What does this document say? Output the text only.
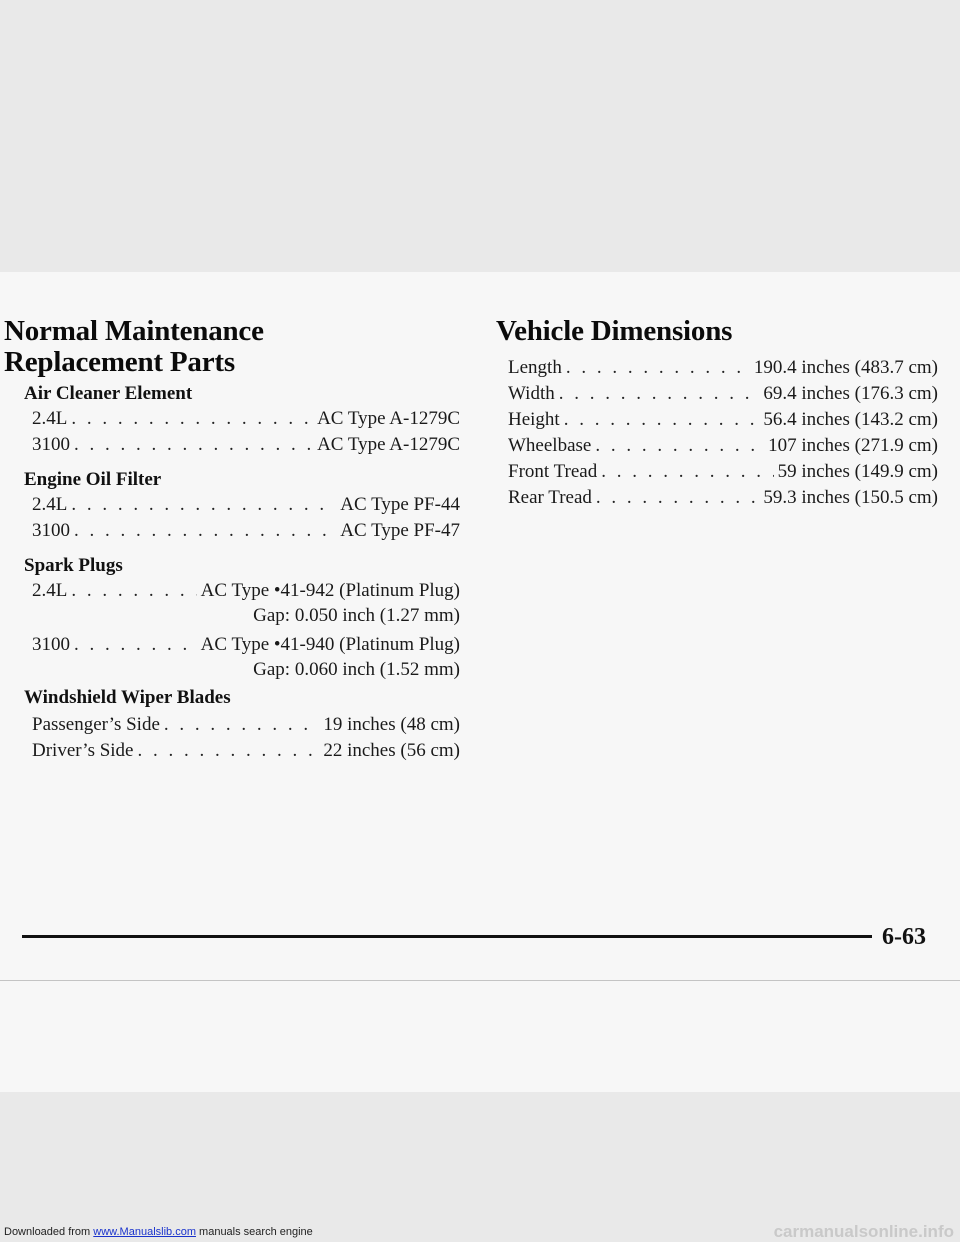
Normal Maintenance
Replacement Parts
Air Cleaner Element
2.4L . . .	AC Type A-1279C
3100 . . .	AC Type A-1279C
Engine Oil Filter
2.4L . . .	AC Type PF-44
3100 . . .	AC Type PF-47
Spark Plugs
2.4L . . .	AC Type •41-942 (Platinum Plug)
Gap: 0.050 inch (1.27 mm)
3100 . . .	AC Type •41-940 (Platinum Plug)
Gap: 0.060 inch (1.52 mm)
Windshield Wiper Blades
Passenger’s Side . . .	19 inches (48 cm)
Driver’s Side . . .	22 inches (56 cm)
Vehicle Dimensions
Length . . .	190.4 inches (483.7 cm)
Width . . .	69.4 inches (176.3 cm)
Height . . .	56.4 inches (143.2 cm)
Wheelbase . . .	107 inches (271.9 cm)
Front Tread . . .	59 inches (149.9 cm)
Rear Tread . . .	59.3 inches (150.5 cm)
6-63
Downloaded from www.Manualslib.com manuals search engine	carmanualsonline.info
